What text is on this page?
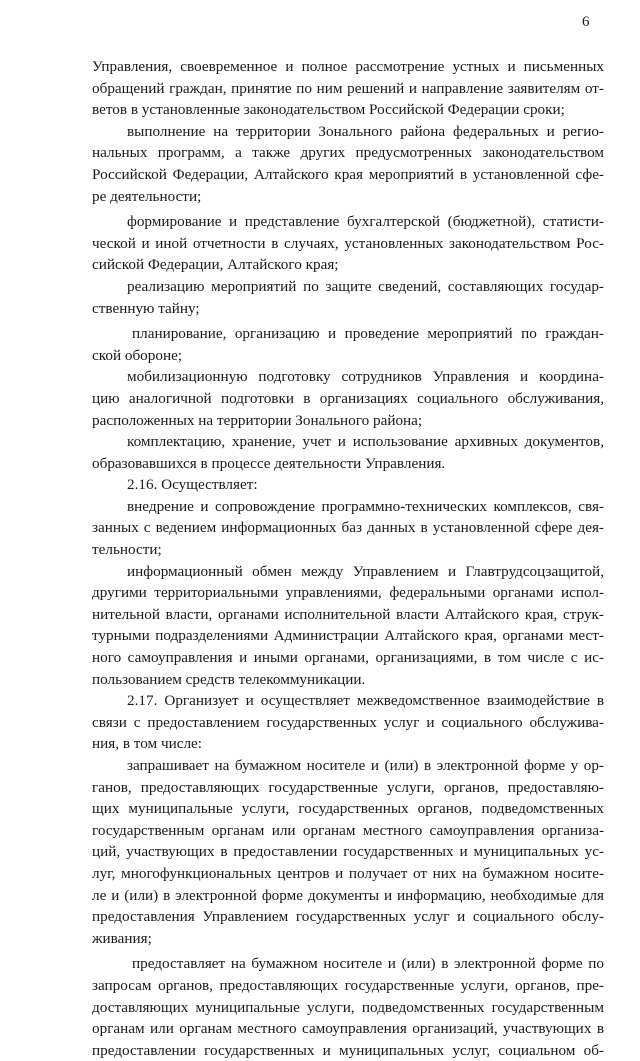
6
Управления, своевременное и полное рассмотрение устных и письменных
обращений граждан, принятие по ним решений и направление заявителям от-
ветов в установленные законодательством Российской Федерации сроки;
выполнение на территории Зонального района федеральных и регио-
нальных программ, а также других предусмотренных законодательством
Российской Федерации, Алтайского края мероприятий в установленной сфе-
ре деятельности;
формирование и представление бухгалтерской (бюджетной), статисти-
ческой и иной отчетности в случаях, установленных законодательством Рос-
сийской Федерации, Алтайского края;
реализацию мероприятий по защите сведений, составляющих государ-
ственную тайну;
планирование, организацию и проведение мероприятий по граждан-
ской обороне;
мобилизационную подготовку сотрудников Управления и координа-
цию аналогичной подготовки в организациях социального обслуживания,
расположенных на территории Зонального района;
комплектацию, хранение, учет и использование архивных документов,
образовавшихся в процессе деятельности Управления.
2.16. Осуществляет:
внедрение и сопровождение программно-технических комплексов, свя-
занных с ведением информационных баз данных в установленной сфере дея-
тельности;
информационный обмен между Управлением и Главтрудсоцзащитой,
другими территориальными управлениями, федеральными органами испол-
нительной власти, органами исполнительной власти Алтайского края, струк-
турными подразделениями Администрации Алтайского края, органами мест-
ного самоуправления и иными органами, организациями, в том числе с ис-
пользованием средств телекоммуникации.
2.17. Организует и осуществляет межведомственное взаимодействие в
связи с предоставлением государственных услуг и социального обслужива-
ния, в том числе:
запрашивает на бумажном носителе и (или) в электронной форме у ор-
ганов, предоставляющих государственные услуги, органов, предоставляю-
щих муниципальные услуги, государственных органов, подведомственных
государственным органам или органам местного самоуправления организа-
ций, участвующих в предоставлении государственных и муниципальных ус-
луг, многофункциональных центров и получает от них на бумажном носите-
ле и (или) в электронной форме документы и информацию, необходимые для
предоставления Управлением государственных услуг и социального обслу-
живания;
предоставляет на бумажном носителе и (или) в электронной форме по
запросам органов, предоставляющих государственные услуги, органов, пре-
доставляющих муниципальные услуги, подведомственных государственным
органам или органам местного самоуправления организаций, участвующих в
предоставлении государственных и муниципальных услуг, социальном об-
